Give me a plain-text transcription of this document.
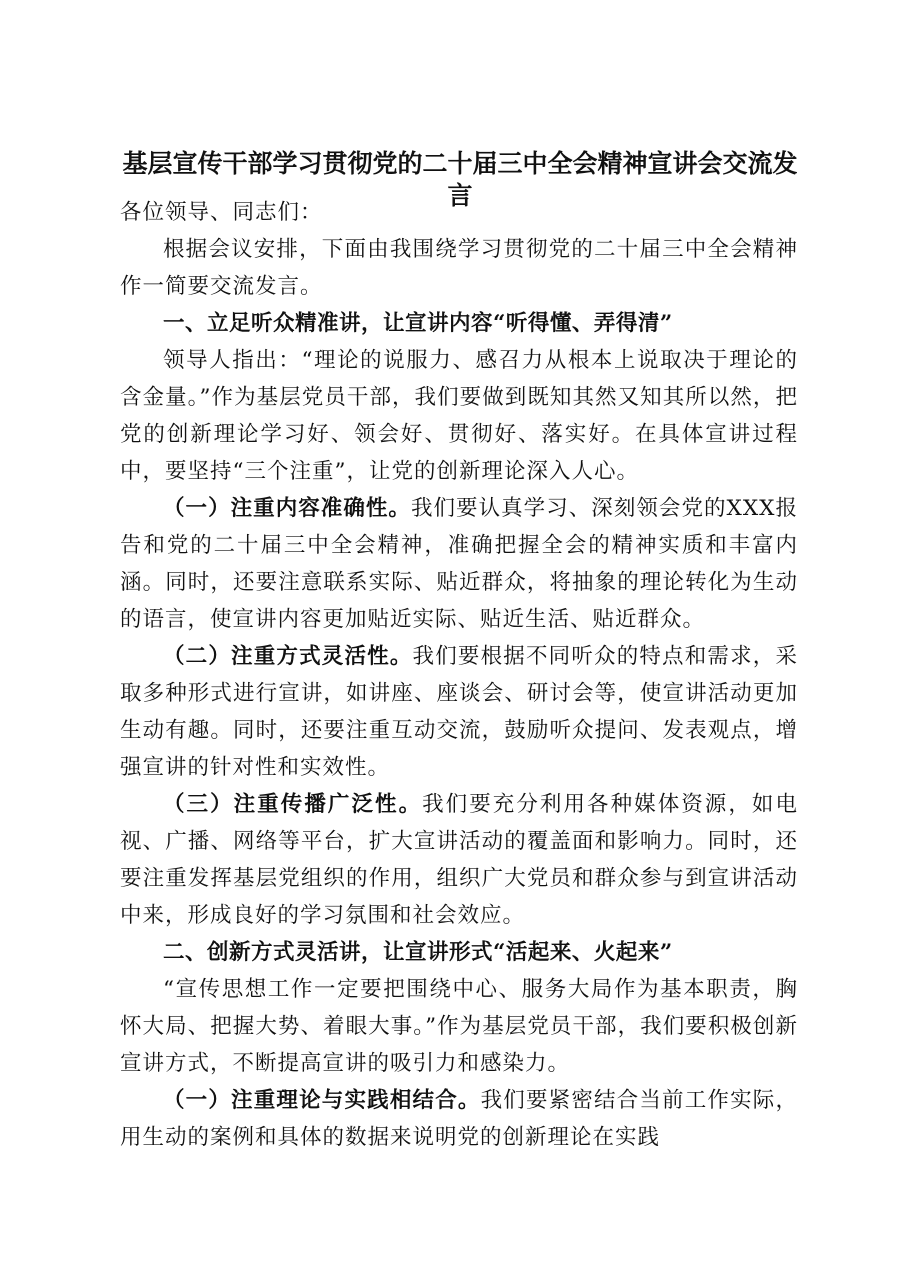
基层宣传干部学习贯彻党的二十届三中全会精神宣讲会交流发言

各位领导、同志们：

根据会议安排，下面由我围绕学习贯彻党的二十届三中全会精神作一简要交流发言。

一、立足听众精准讲，让宣讲内容“听得懂、弄得清”

领导人指出：“理论的说服力、感召力从根本上说取决于理论的含金量。”作为基层党员干部，我们要做到既知其然又知其所以然，把党的创新理论学习好、领会好、贯彻好、落实好。在具体宣讲过程中，要坚持“三个注重”，让党的创新理论深入人心。

（一）注重内容准确性。我们要认真学习、深刻领会党的XXX报告和党的二十届三中全会精神，准确把握全会的精神实质和丰富内涵。同时，还要注意联系实际、贴近群众，将抽象的理论转化为生动的语言，使宣讲内容更加贴近实际、贴近生活、贴近群众。

（二）注重方式灵活性。我们要根据不同听众的特点和需求，采取多种形式进行宣讲，如讲座、座谈会、研讨会等，使宣讲活动更加生动有趣。同时，还要注重互动交流，鼓励听众提问、发表观点，增强宣讲的针对性和实效性。

（三）注重传播广泛性。我们要充分利用各种媒体资源，如电视、广播、网络等平台，扩大宣讲活动的覆盖面和影响力。同时，还要注重发挥基层党组织的作用，组织广大党员和群众参与到宣讲活动中来，形成良好的学习氛围和社会效应。

二、创新方式灵活讲，让宣讲形式“活起来、火起来”

“宣传思想工作一定要把围绕中心、服务大局作为基本职责，胸怀大局、把握大势、着眼大事。”作为基层党员干部，我们要积极创新宣讲方式，不断提高宣讲的吸引力和感染力。

（一）注重理论与实践相结合。我们要紧密结合当前工作实际，用生动的案例和具体的数据来说明党的创新理论在实践
